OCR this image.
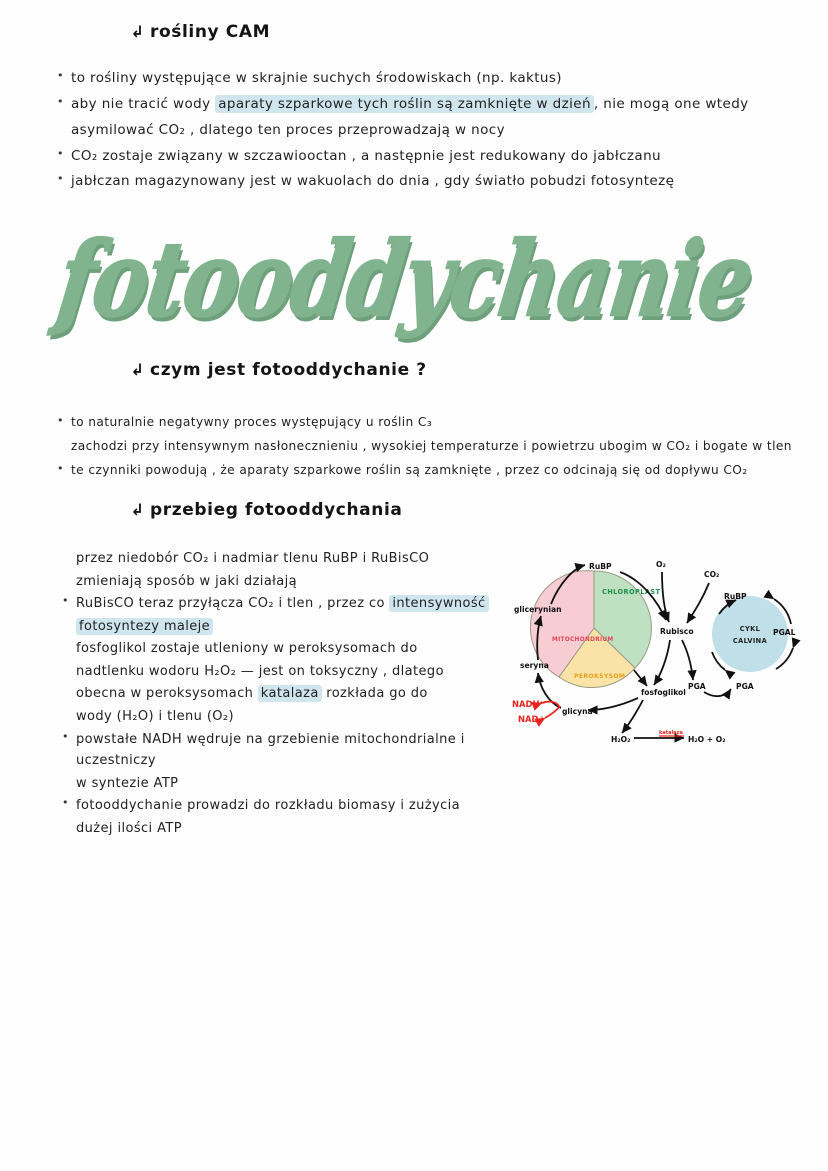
↳ rośliny CAM
• to rośliny występujące w skrajnie suchych środowiskach (np. kaktus)
• aby nie tracić wody aparaty szparkowe tych roślin są zamknięte w dzień , nie mogą one wtedy
asymilować CO₂ , dlatego ten proces przeprowadzają w nocy
• CO₂ zostaje związany w szczawiooctan , a następnie jest redukowany do jabłczanu
• jabłczan magazynowany jest w wakuolach do dnia , gdy światło pobudzi fotosyntezę
fotooddychanie
↳ czym jest fotooddychanie ?
• to naturalnie negatywny proces występujący u roślin C₃
zachodzi przy intensywnym nasłonecznieniu , wysokiej temperaturze i powietrzu ubogim w CO₂ i bogate w tlen
• te czynniki powodują , że aparaty szparkowe roślin są zamknięte , przez co odcinają się od dopływu CO₂
↳ przebieg fotooddychania
przez niedobór CO₂ i nadmiar tlenu RuBP i RuBisCO
zmieniają sposób w jaki działają
• RuBisCO teraz przyłącza CO₂ i tlen , przez co intensywność
fotosyntezy maleje
fosfoglikol zostaje utleniony w peroksysomach do
nadtlenku wodoru H₂O₂ — jest on toksyczny , dlatego
obecna w peroksysomach katalaza rozkłada go do
wody (H₂O) i tlenu (O₂)
• powstałe NADH wędruje na grzebienie mitochondrialne i uczestniczy
w syntezie ATP
• fotooddychanie prowadzi do rozkładu biomasy i zużycia
dużej ilości ATP
CHLOROPLAST
MITOCHONDRIUM
PEROKSYSOM
CYKL
CALVINA
RuBP	O₂
CO₂
Rubisco
RuBP
PGAL
PGA	PGA
fosfoglikol
glicerynian
seryna
glicyna
NADH⁺
NAD+
H₂O₂
katalaza
H₂O + O₂
